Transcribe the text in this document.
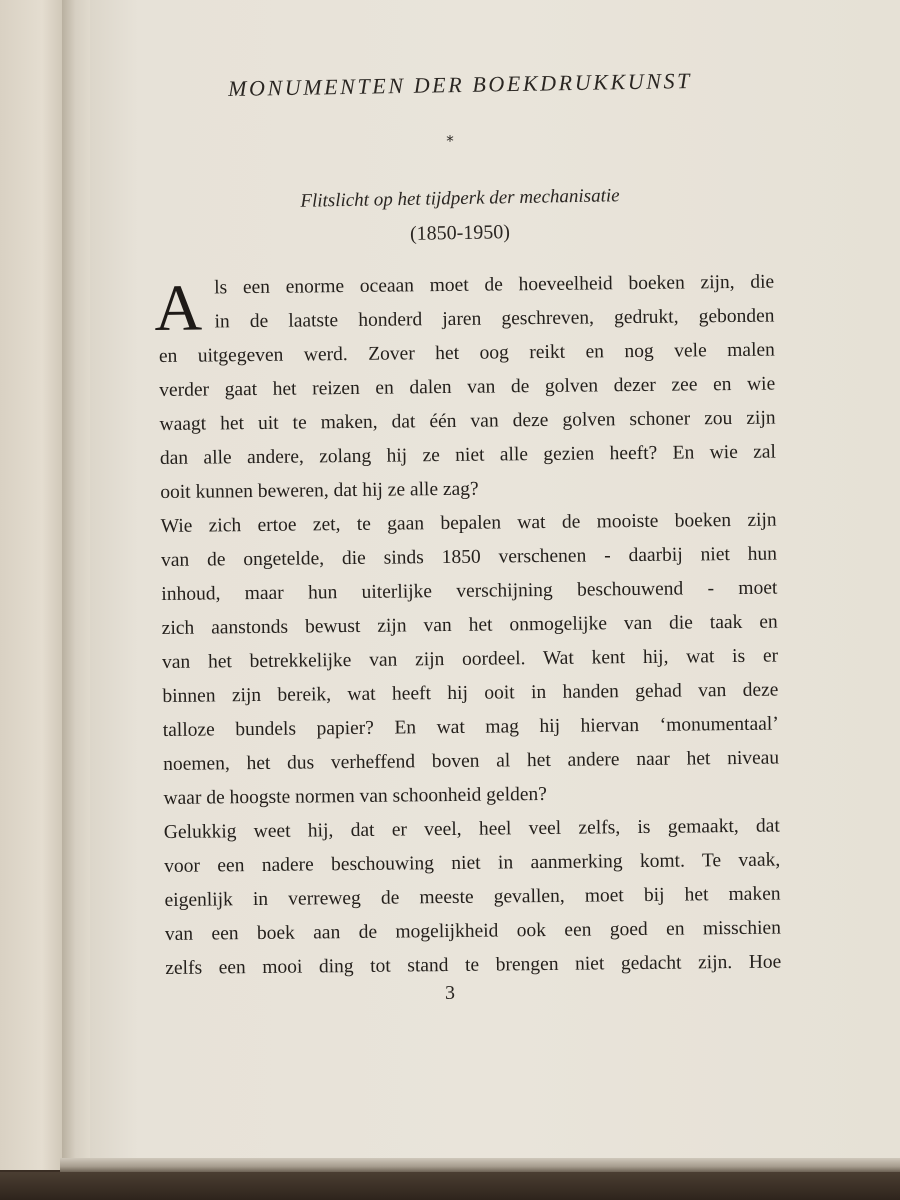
MONUMENTEN DER BOEKDRUKKUNST
*
Flitslicht op het tijdperk der mechanisatie
(1850-1950)
A ls een enorme oceaan moet de hoeveelheid boeken zijn, die
in de laatste honderd jaren geschreven, gedrukt, gebonden
en uitgegeven werd. Zover het oog reikt en nog vele malen
verder gaat het reizen en dalen van de golven dezer zee en wie
waagt het uit te maken, dat één van deze golven schoner zou zijn
dan alle andere, zolang hij ze niet alle gezien heeft? En wie zal
ooit kunnen beweren, dat hij ze alle zag?
Wie zich ertoe zet, te gaan bepalen wat de mooiste boeken zijn
van de ongetelde, die sinds 1850 verschenen - daarbij niet hun
inhoud, maar hun uiterlijke verschijning beschouwend - moet
zich aanstonds bewust zijn van het onmogelijke van die taak en
van het betrekkelijke van zijn oordeel. Wat kent hij, wat is er
binnen zijn bereik, wat heeft hij ooit in handen gehad van deze
talloze bundels papier? En wat mag hij hiervan ‘monumentaal’
noemen, het dus verheffend boven al het andere naar het niveau
waar de hoogste normen van schoonheid gelden?
Gelukkig weet hij, dat er veel, heel veel zelfs, is gemaakt, dat
voor een nadere beschouwing niet in aanmerking komt. Te vaak,
eigenlijk in verreweg de meeste gevallen, moet bij het maken
van een boek aan de mogelijkheid ook een goed en misschien
zelfs een mooi ding tot stand te brengen niet gedacht zijn. Hoe
3
